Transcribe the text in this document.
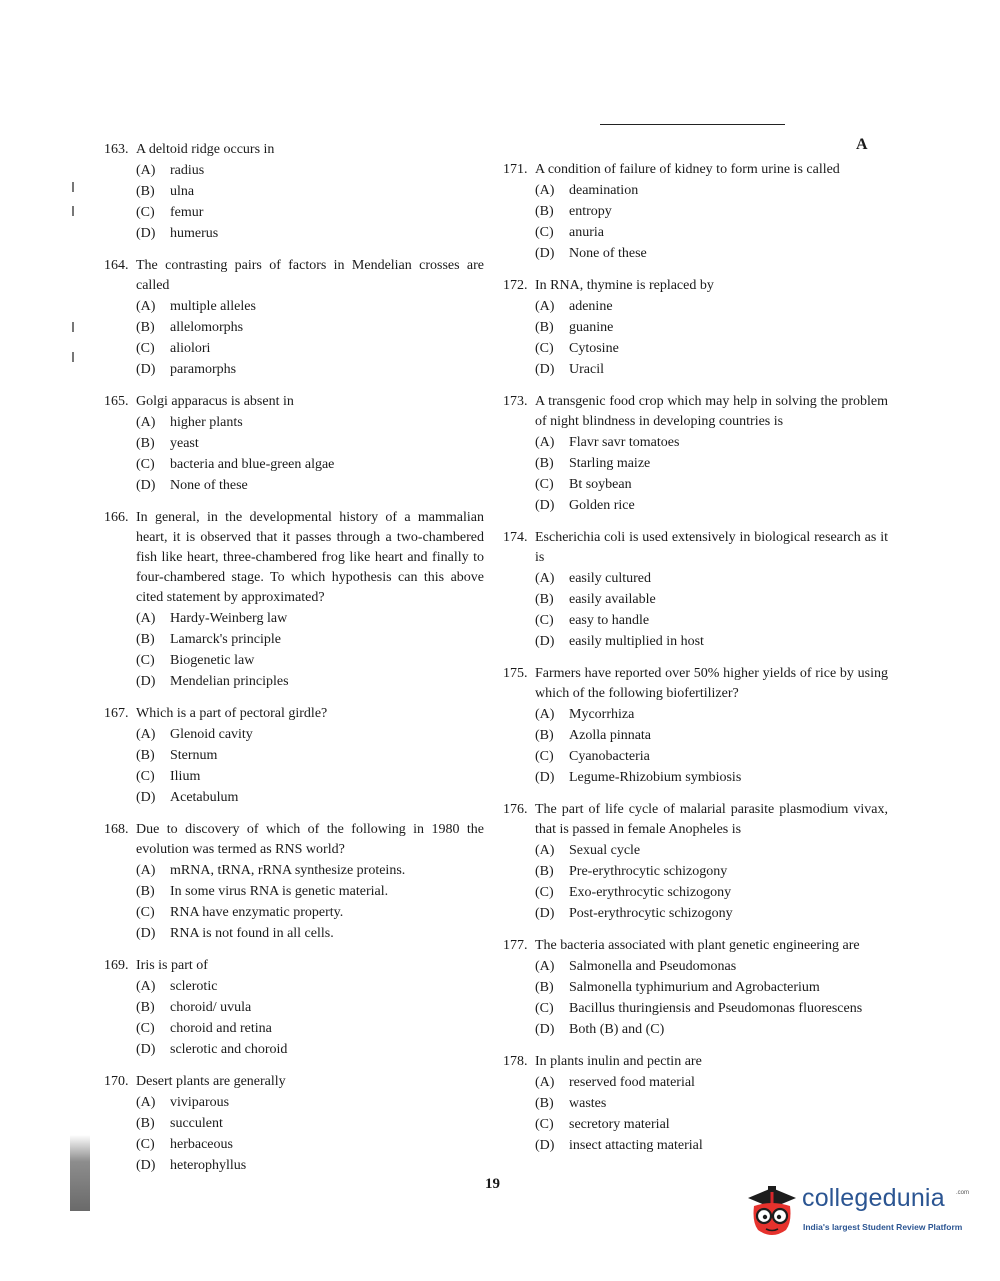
A
163. A deltoid ridge occurs in
(A)	radius
(B)	ulna
(C)	femur
(D)	humerus
164. The contrasting pairs of factors in Mendelian crosses are called
(A)	multiple alleles
(B)	allelomorphs
(C)	aliolori
(D)	paramorphs
165. Golgi apparacus is absent in
(A)	higher plants
(B)	yeast
(C)	bacteria and blue-green algae
(D)	None of these
166. In general, in the developmental history of a mammalian heart, it is observed that it passes through a two-chambered fish like heart, three-chambered frog like heart and finally to four-chambered stage. To which hypothesis can this above cited statement by approximated?
(A)	Hardy-Weinberg law
(B)	Lamarck's principle
(C)	Biogenetic law
(D)	Mendelian principles
167. Which is a part of pectoral girdle?
(A)	Glenoid cavity
(B)	Sternum
(C)	Ilium
(D)	Acetabulum
168. Due to discovery of which of the following in 1980 the evolution was termed as RNS world?
(A)	mRNA, tRNA, rRNA synthesize proteins.
(B)	In some virus RNA is genetic material.
(C)	RNA have enzymatic property.
(D)	RNA is not found in all cells.
169. Iris is part of
(A)	sclerotic
(B)	choroid/ uvula
(C)	choroid and retina
(D)	sclerotic and choroid
170. Desert plants are generally
(A)	viviparous
(B)	succulent
(C)	herbaceous
(D)	heterophyllus
171. A condition of failure of kidney to form urine is called
(A)	deamination
(B)	entropy
(C)	anuria
(D)	None of these
172. In RNA, thymine is replaced by
(A)	adenine
(B)	guanine
(C)	Cytosine
(D)	Uracil
173. A transgenic food crop which may help in solving the problem of night blindness in developing countries is
(A)	Flavr savr tomatoes
(B)	Starling maize
(C)	Bt soybean
(D)	Golden rice
174. Escherichia coli is used extensively in biological research as it is
(A)	easily cultured
(B)	easily available
(C)	easy to handle
(D)	easily multiplied in host
175. Farmers have reported over 50% higher yields of rice by using which of the following biofertilizer?
(A)	Mycorrhiza
(B)	Azolla pinnata
(C)	Cyanobacteria
(D)	Legume-Rhizobium symbiosis
176. The part of life cycle of malarial parasite plasmodium vivax, that is passed in female Anopheles is
(A)	Sexual cycle
(B)	Pre-erythrocytic schizogony
(C)	Exo-erythrocytic schizogony
(D)	Post-erythrocytic schizogony
177. The bacteria associated with plant genetic engineering are
(A)	Salmonella and Pseudomonas
(B)	Salmonella typhimurium and Agrobacterium
(C)	Bacillus thuringiensis and Pseudomonas fluorescens
(D)	Both (B) and (C)
178. In plants inulin and pectin are
(A)	reserved food material
(B)	wastes
(C)	secretory material
(D)	insect attacting material
19	collegedunia .com
India's largest Student Review Platform
